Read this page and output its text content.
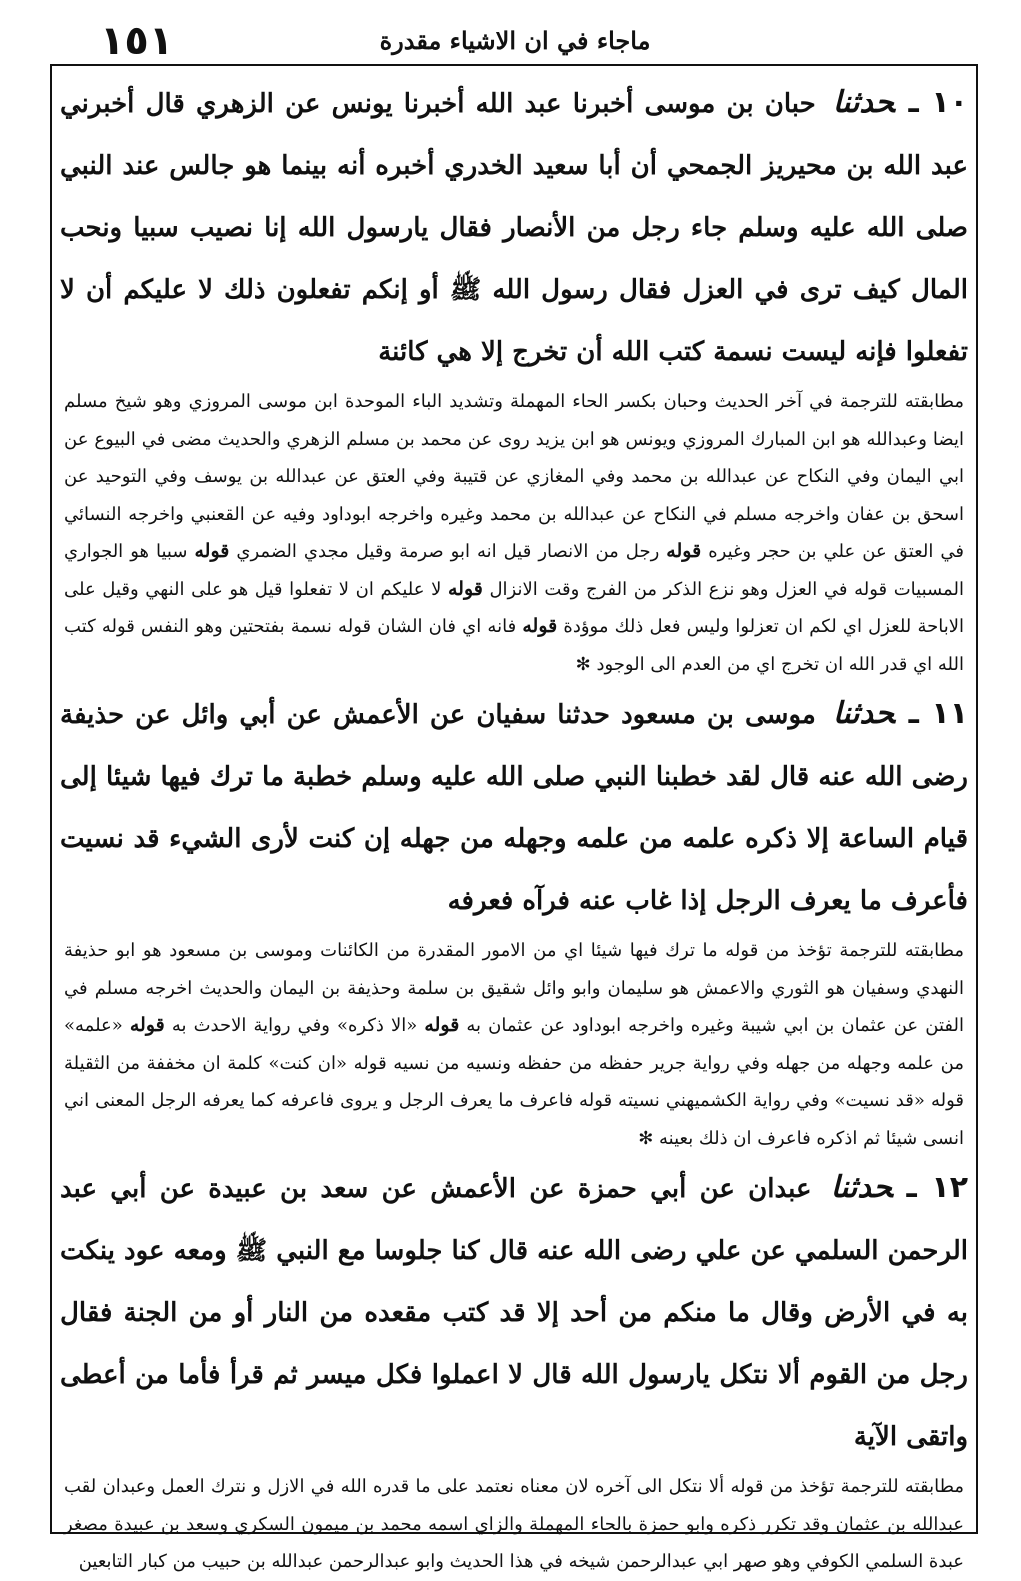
١٥١	ماجاء في ان الاشياء مقدرة

١٠ ـحدثنا حبان بن موسى أخبرنا عبد الله أخبرنا يونس عن الزهري قال أخبرني عبد الله بن محيريز الجمحي أن أبا سعيد الخدري أخبره أنه بينما هو جالس عند النبي صلى الله عليه وسلم جاء رجل من الأنصار فقال يارسول الله إنا نصيب سبيا ونحب المال كيف ترى في العزل فقال رسول الله ﷺ أو إنكم تفعلون ذلك لا عليكم أن لا تفعلوا فإنه ليست نسمة كتب الله أن تخرج إلا هي كائنة

مطابقته للترجمة في آخر الحديث وحبان بكسر الحاء المهملة وتشديد الباء الموحدة ابن موسى المروزي وهو شيخ مسلم ايضا وعبدالله هو ابن المبارك المروزي ويونس هو ابن يزيد روى عن محمد بن مسلم الزهري والحديث مضى في البيوع عن ابي اليمان وفي النكاح عن عبدالله بن محمد وفي المغازي عن قتيبة وفي العتق عن عبدالله بن يوسف وفي التوحيد عن اسحق بن عفان واخرجه مسلم في النكاح عن عبدالله بن محمد وغيره واخرجه ابوداود وفيه عن القعنبي واخرجه النسائي في العتق عن علي بن حجر وغيره قوله رجل من الانصار قيل انه ابو صرمة وقيل مجدي الضمري قوله سبيا هو الجواري المسبيات قوله في العزل وهو نزع الذكر من الفرج وقت الانزال قوله لا عليكم ان لا تفعلوا قيل هو على النهي وقيل على الاباحة للعزل اي لكم ان تعزلوا وليس فعل ذلك موؤدة قوله فانه اي فان الشان قوله نسمة بفتحتين وهو النفس قوله كتب الله اي قدر الله ان تخرج اي من العدم الى الوجود ✻

١١ ـحدثنا موسى بن مسعود حدثنا سفيان عن الأعمش عن أبي وائل عن حذيفة رضى الله عنه قال لقد خطبنا النبي صلى الله عليه وسلم خطبة ما ترك فيها شيئا إلى قيام الساعة إلا ذكره علمه من علمه وجهله من جهله إن كنت لأرى الشيء قد نسيت فأعرف ما يعرف الرجل إذا غاب عنه فرآه فعرفه

مطابقته للترجمة تؤخذ من قوله ما ترك فيها شيئا اي من الامور المقدرة من الكائنات وموسى بن مسعود هو ابو حذيفة النهدي وسفيان هو الثوري والاعمش هو سليمان وابو وائل شقيق بن سلمة وحذيفة بن اليمان والحديث اخرجه مسلم في الفتن عن عثمان بن ابي شيبة وغيره واخرجه ابوداود عن عثمان به قوله «الا ذكره» وفي رواية الاحدث به قوله «علمه» من علمه وجهله من جهله وفي رواية جرير حفظه من حفظه ونسيه من نسيه قوله «ان كنت» كلمة ان مخففة من الثقيلة قوله «قد نسيت» وفي رواية الكشميهني نسيته قوله فاعرف ما يعرف الرجل و يروى فاعرفه كما يعرفه الرجل المعنى اني انسى شيئا ثم اذكره فاعرف ان ذلك بعينه ✻

١٢ ـحدثنا عبدان عن أبي حمزة عن الأعمش عن سعد بن عبيدة عن أبي عبد الرحمن السلمي عن علي رضى الله عنه قال كنا جلوسا مع النبي ﷺ ومعه عود ينكت به في الأرض وقال ما منكم من أحد إلا قد كتب مقعده من النار أو من الجنة فقال رجل من القوم ألا نتكل يارسول الله قال لا اعملوا فكل ميسر ثم قرأ فأما من أعطى واتقى الآية

مطابقته للترجمة تؤخذ من قوله ألا نتكل الى آخره لان معناه نعتمد على ما قدره الله في الازل و نترك العمل وعبدان لقب عبدالله بن عثمان وقد تكرر ذكره وابو حمزة بالحاء المهملة والزاي اسمه محمد بن ميمون السكري وسعد بن عبيدة مصغر عبدة السلمي الكوفي وهو صهر ابي عبدالرحمن شيخه في هذا الحديث وابو عبدالرحمن عبدالله بن حبيب من كبار التابعين
